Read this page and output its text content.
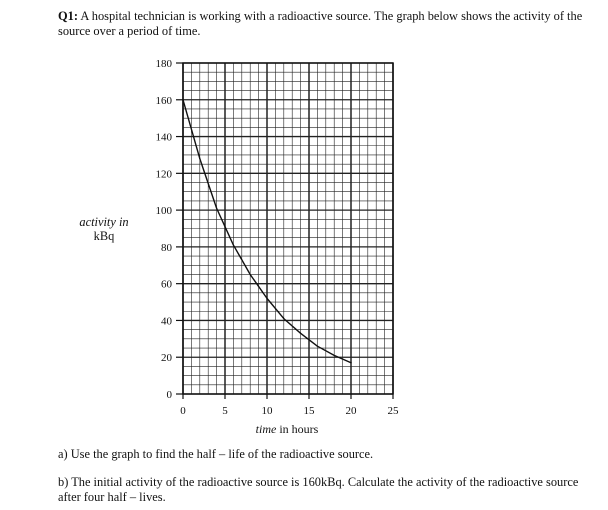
Q1: A hospital technician is working with a radioactive source. The graph below shows the activity of the source over a period of time.
activity in
kBq
0
20
40
60
80
100
120
140
160
180
0	5	10	15	20	25
time in hours
a) Use the graph to find the half – life of the radioactive source.
b) The initial activity of the radioactive source is 160kBq. Calculate the activity of the radioactive source after four half – lives.
